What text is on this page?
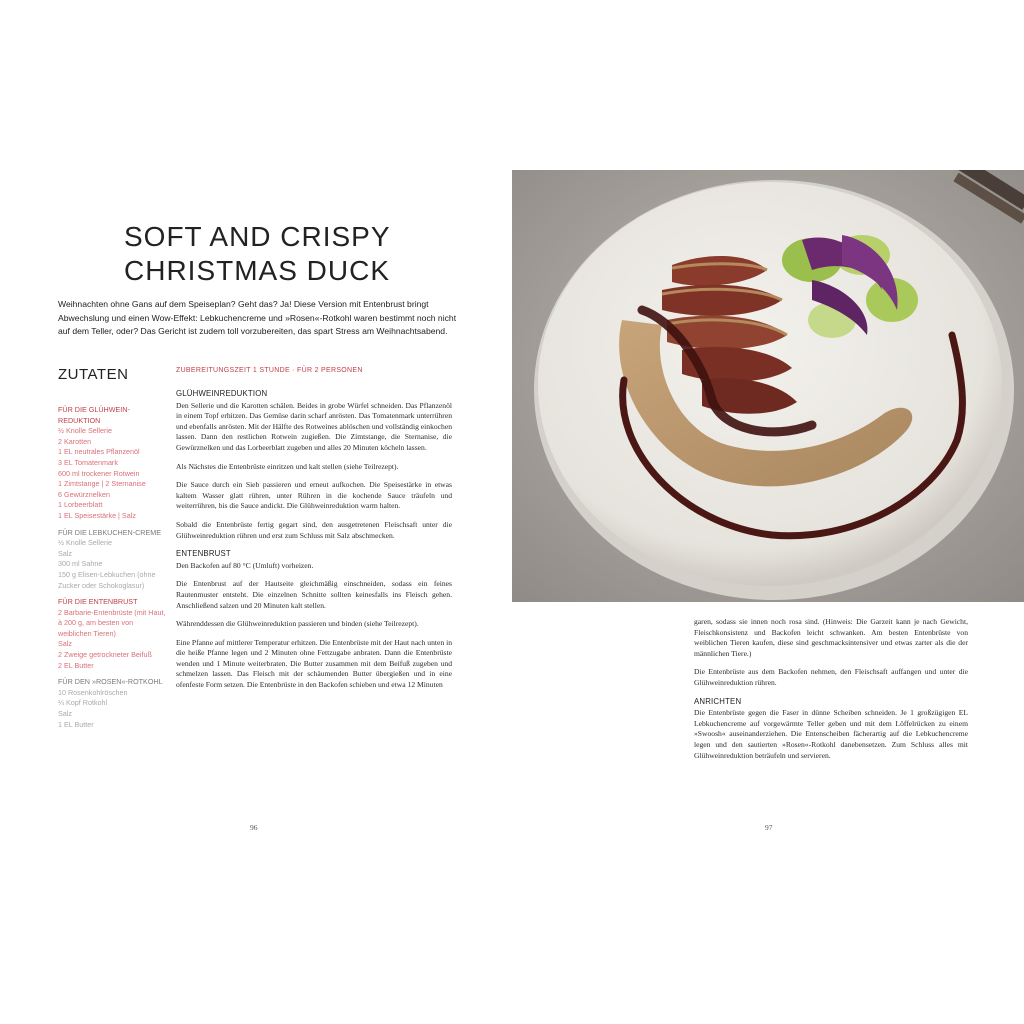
SOFT AND CRISPY
CHRISTMAS DUCK

Weihnachten ohne Gans auf dem Speiseplan? Geht das? Ja! Diese Version mit Entenbrust bringt Abwechslung und einen Wow-Effekt: Lebkuchencreme und »Rosen«-Rotkohl waren bestimmt noch nicht auf dem Teller, oder? Das Gericht ist zudem toll vorzubereiten, das spart Stress am Weihnachtsabend.

ZUTATEN
FÜR DIE GLÜHWEIN-REDUKTION
½ Knolle Sellerie
2 Karotten
1 EL neutrales Pflanzenöl
3 EL Tomatenmark
600 ml trockener Rotwein
1 Zimtstange | 2 Sternanise
6 Gewürznelken
1 Lorbeerblatt
1 EL Speisestärke | Salz
FÜR DIE LEBKUCHEN-CREME
½ Knolle Sellerie
Salz
300 ml Sahne
150 g Elisen-Lebkuchen (ohne Zucker oder Schokoglasur)
FÜR DIE ENTENBRUST
2 Barbarie-Entenbrüste (mit Haut, à 200 g, am besten von weiblichen Tieren)
Salz
2 Zweige getrockneter Beifuß
2 EL Butter
FÜR DEN »ROSEN«-ROTKOHL
10 Rosenkohlröschen
¼ Kopf Rotkohl
Salz
1 EL Butter

ZUBEREITUNGSZEIT 1 STUNDE · FÜR 2 PERSONEN

GLÜHWEINREDUKTION

Den Sellerie und die Karotten schälen. Beides in grobe Würfel schneiden. Das Pflanzenöl in einem Topf erhitzen. Das Gemüse darin scharf anrösten. Das Tomatenmark unterrühren und ebenfalls anrösten. Mit der Hälfte des Rotweines ablöschen und vollständig einkochen lassen. Dann den restlichen Rotwein zugießen. Die Zimtstange, die Sternanise, die Gewürznelken und das Lorbeerblatt zugeben und alles 20 Minuten köcheln lassen.

Als Nächstes die Entenbrüste einritzen und kalt stellen (siehe Teilrezept).

Die Sauce durch ein Sieb passieren und erneut aufkochen. Die Speisestärke in etwas kaltem Wasser glatt rühren, unter Rühren in die kochende Sauce träufeln und weiterrühren, bis die Sauce andickt. Die Glühweinreduktion warm halten.

Sobald die Entenbrüste fertig gegart sind, den ausgetretenen Fleischsaft unter die Glühweinreduktion rühren und erst zum Schluss mit Salz abschmecken.

ENTENBRUST

Den Backofen auf 80 °C (Umluft) vorheizen.

Die Entenbrust auf der Hautseite gleichmäßig einschneiden, sodass ein feines Rautenmuster entsteht. Die einzelnen Schnitte sollten keinesfalls ins Fleisch gehen. Anschließend salzen und 20 Minuten kalt stellen.

Währenddessen die Glühweinreduktion passieren und binden (siehe Teilrezept).

Eine Pfanne auf mittlerer Temperatur erhitzen. Die Entenbrüste mit der Haut nach unten in die heiße Pfanne legen und 2 Minuten ohne Fettzugabe anbraten. Dann die Entenbrüste wenden und 1 Minute weiterbraten. Die Butter zusammen mit dem Beifuß zugeben und schmelzen lassen. Das Fleisch mit der schäumenden Butter übergießen und in eine ofenfeste Form setzen. Die Entenbrüste in den Backofen schieben und etwa 12 Minuten

96

garen, sodass sie innen noch rosa sind. (Hinweis: Die Garzeit kann je nach Gewicht, Fleischkonsistenz und Backofen leicht schwanken. Am besten Entenbrüste von weiblichen Tieren kaufen, diese sind geschmacksintensiver und etwas zarter als die der männlichen Tiere.)

Die Entenbrüste aus dem Backofen nehmen, den Fleischsaft auffangen und unter die Glühweinreduktion rühren.

ANRICHTEN

Die Entenbrüste gegen die Faser in dünne Scheiben schneiden. Je 1 großzügigen EL Lebkuchencreme auf vorgewärmte Teller geben und mit dem Löffelrücken zu einem »Swoosh« auseinanderziehen. Die Entenscheiben fächerartig auf die Lebkuchencreme legen und den sautierten »Rosen«-Rotkohl danebensetzen. Zum Schluss alles mit Glühweinreduktion beträufeln und servieren.

97
